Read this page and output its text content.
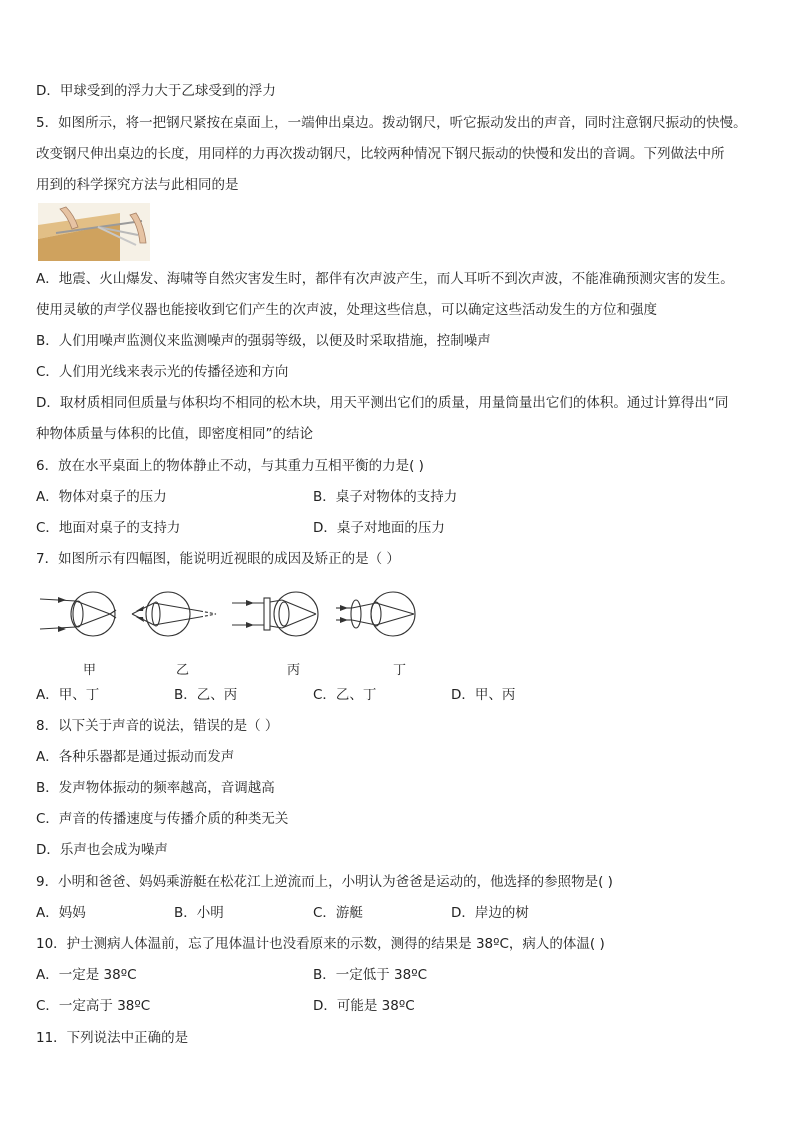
D．甲球受到的浮力大于乙球受到的浮力
5．如图所示，将一把钢尺紧按在桌面上，一端伸出桌边。拨动钢尺，听它振动发出的声音，同时注意钢尺振动的快慢。
改变钢尺伸出桌边的长度，用同样的力再次拨动钢尺，比较两种情况下钢尺振动的快慢和发出的音调。下列做法中所
用到的科学探究方法与此相同的是
A．地震、火山爆发、海啸等自然灾害发生时，都伴有次声波产生，而人耳听不到次声波，不能准确预测灾害的发生。
使用灵敏的声学仪器也能接收到它们产生的次声波，处理这些信息，可以确定这些活动发生的方位和强度
B．人们用噪声监测仪来监测噪声的强弱等级，以便及时采取措施，控制噪声
C．人们用光线来表示光的传播径迹和方向
D．取材质相同但质量与体积均不相同的松木块，用天平测出它们的质量，用量筒量出它们的体积。通过计算得出“同
种物体质量与体积的比值，即密度相同”的结论
6．放在水平桌面上的物体静止不动，与其重力互相平衡的力是( )
A．物体对桌子的压力	B．桌子对物体的支持力
C．地面对桌子的支持力	D．桌子对地面的压力
7．如图所示有四幅图，能说明近视眼的成因及矫正的是（ ）
甲	乙	丙	丁
A．甲、丁	B．乙、丙	C．乙、丁	D．甲、丙
8．以下关于声音的说法，错误的是（ ）
A．各种乐器都是通过振动而发声
B．发声物体振动的频率越高，音调越高
C．声音的传播速度与传播介质的种类无关
D．乐声也会成为噪声
9．小明和爸爸、妈妈乘游艇在松花江上逆流而上，小明认为爸爸是运动的，他选择的参照物是( )
A．妈妈	B．小明	C．游艇	D．岸边的树
10．护士测病人体温前，忘了甩体温计也没看原来的示数，测得的结果是 38ºC，病人的体温( )
A．一定是 38ºC	B．一定低于 38ºC
C．一定高于 38ºC	D．可能是 38ºC
11．下列说法中正确的是
